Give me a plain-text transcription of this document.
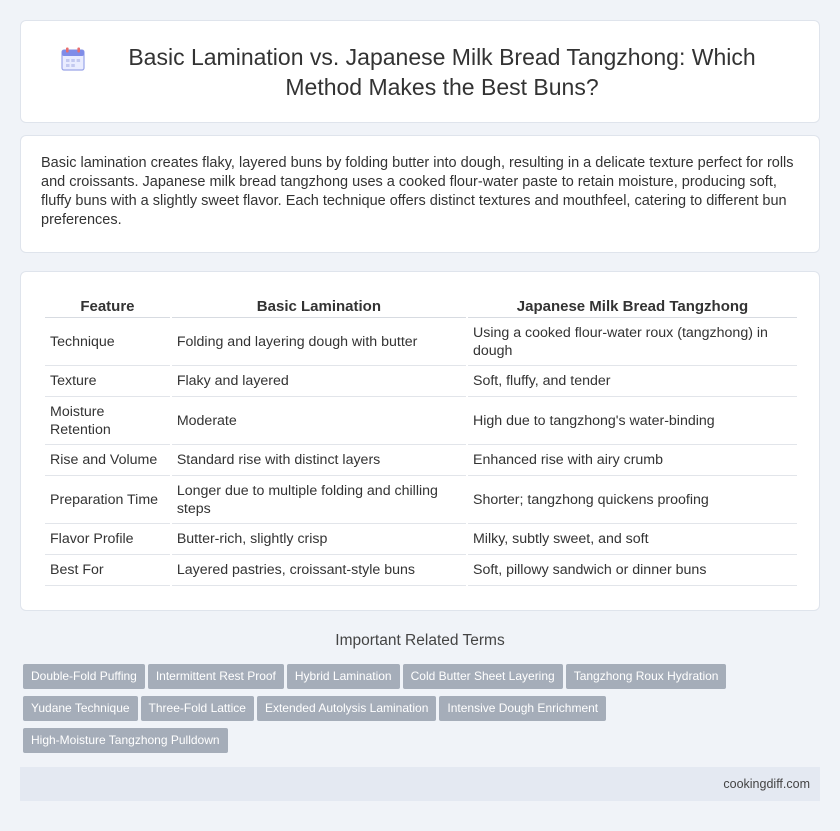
Basic Lamination vs. Japanese Milk Bread Tangzhong: Which Method Makes the Best Buns?

Basic lamination creates flaky, layered buns by folding butter into dough, resulting in a delicate texture perfect for rolls and croissants. Japanese milk bread tangzhong uses a cooked flour-water paste to retain moisture, producing soft, fluffy buns with a slightly sweet flavor. Each technique offers distinct textures and mouthfeel, catering to different bun preferences.

Feature	Basic Lamination	Japanese Milk Bread Tangzhong
Technique	Folding and layering dough with butter	Using a cooked flour-water roux (tangzhong) in dough
Texture	Flaky and layered	Soft, fluffy, and tender
Moisture Retention	Moderate	High due to tangzhong's water-binding
Rise and Volume	Standard rise with distinct layers	Enhanced rise with airy crumb
Preparation Time	Longer due to multiple folding and chilling steps	Shorter; tangzhong quickens proofing
Flavor Profile	Butter-rich, slightly crisp	Milky, subtly sweet, and soft
Best For	Layered pastries, croissant-style buns	Soft, pillowy sandwich or dinner buns
Important Related Terms
Double-Fold Puffing Intermittent Rest Proof Hybrid Lamination Cold Butter Sheet Layering Tangzhong Roux Hydration
Yudane Technique Three-Fold Lattice Extended Autolysis Lamination Intensive Dough Enrichment
High-Moisture Tangzhong Pulldown
cookingdiff.com
